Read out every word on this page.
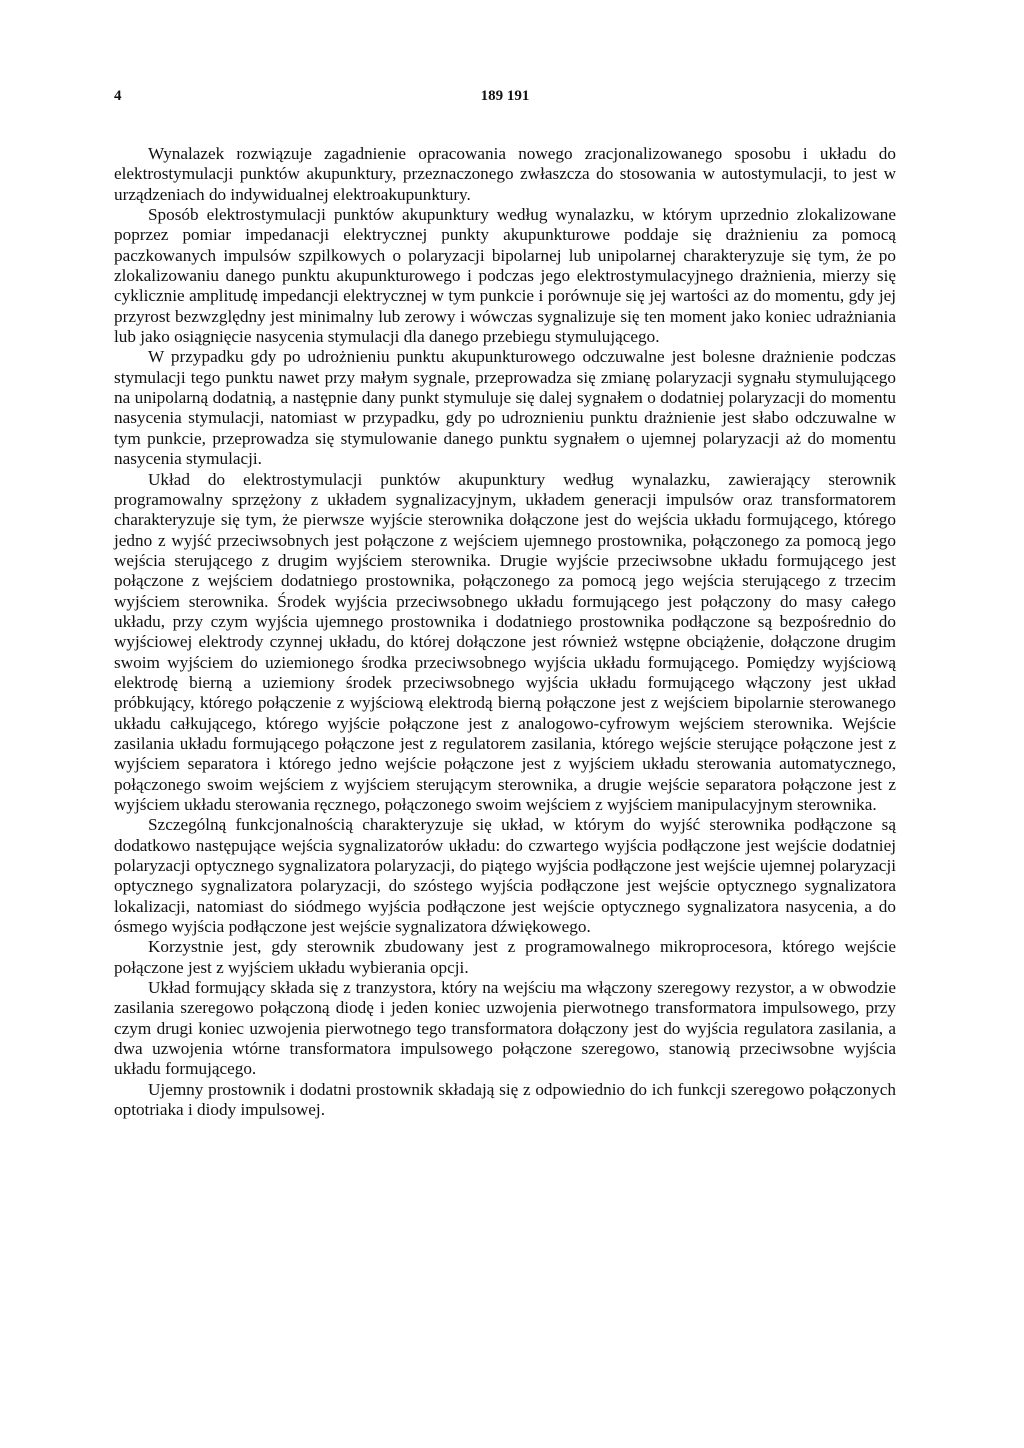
4	189 191

Wynalazek rozwiązuje zagadnienie opracowania nowego zracjonalizowanego sposobu i układu do elektrostymulacji punktów akupunktury, przeznaczonego zwłaszcza do stosowania w autostymulacji, to jest w urządzeniach do indywidualnej elektroakupunktury.

Sposób elektrostymulacji punktów akupunktury według wynalazku, w którym uprzednio zlokalizowane poprzez pomiar impedanacji elektrycznej punkty akupunkturowe poddaje się drażnieniu za pomocą paczkowanych impulsów szpilkowych o polaryzacji bipolarnej lub unipolarnej charakteryzuje się tym, że po zlokalizowaniu danego punktu akupunkturowego i podczas jego elektrostymulacyjnego drażnienia, mierzy się cyklicznie amplitudę impedancji elektrycznej w tym punkcie i porównuje się jej wartości az do momentu, gdy jej przyrost bezwzględny jest minimalny lub zerowy i wówczas sygnalizuje się ten moment jako koniec udrażniania lub jako osiągnięcie nasycenia stymulacji dla danego przebiegu stymulującego.

W przypadku gdy po udrożnieniu punktu akupunkturowego odczuwalne jest bolesne drażnienie podczas stymulacji tego punktu nawet przy małym sygnale, przeprowadza się zmianę polaryzacji sygnału stymulującego na unipolarną dodatnią, a następnie dany punkt stymuluje się dalej sygnałem o dodatniej polaryzacji do momentu nasycenia stymulacji, natomiast w przypadku, gdy po udroznieniu punktu drażnienie jest słabo odczuwalne w tym punkcie, przeprowadza się stymulowanie danego punktu sygnałem o ujemnej polaryzacji aż do momentu nasycenia stymulacji.

Układ do elektrostymulacji punktów akupunktury według wynalazku, zawierający sterownik programowalny sprzężony z układem sygnalizacyjnym, układem generacji impulsów oraz transformatorem charakteryzuje się tym, że pierwsze wyjście sterownika dołączone jest do wejścia układu formującego, którego jedno z wyjść przeciwsobnych jest połączone z wejściem ujemnego prostownika, połączonego za pomocą jego wejścia sterującego z drugim wyjściem sterownika. Drugie wyjście przeciwsobne układu formującego jest połączone z wejściem dodatniego prostownika, połączonego za pomocą jego wejścia sterującego z trzecim wyjściem sterownika. Środek wyjścia przeciwsobnego układu formującego jest połączony do masy całego układu, przy czym wyjścia ujemnego prostownika i dodatniego prostownika podłączone są bezpośrednio do wyjściowej elektrody czynnej układu, do której dołączone jest również wstępne obciążenie, dołączone drugim swoim wyjściem do uziemionego środka przeciwsobnego wyjścia układu formującego. Pomiędzy wyjściową elektrodę bierną a uziemiony środek przeciwsobnego wyjścia układu formującego włączony jest układ próbkujący, którego połączenie z wyjściową elektrodą bierną połączone jest z wejściem bipolarnie sterowanego układu całkującego, którego wyjście połączone jest z analogowo-cyfrowym wejściem sterownika. Wejście zasilania układu formującego połączone jest z regulatorem zasilania, którego wejście sterujące połączone jest z wyjściem separatora i którego jedno wejście połączone jest z wyjściem układu sterowania automatycznego, połączonego swoim wejściem z wyjściem sterującym sterownika, a drugie wejście separatora połączone jest z wyjściem układu sterowania ręcznego, połączonego swoim wejściem z wyjściem manipulacyjnym sterownika.

Szczególną funkcjonalnością charakteryzuje się układ, w którym do wyjść sterownika podłączone są dodatkowo następujące wejścia sygnalizatorów układu: do czwartego wyjścia podłączone jest wejście dodatniej polaryzacji optycznego sygnalizatora polaryzacji, do piątego wyjścia podłączone jest wejście ujemnej polaryzacji optycznego sygnalizatora polaryzacji, do szóstego wyjścia podłączone jest wejście optycznego sygnalizatora lokalizacji, natomiast do siódmego wyjścia podłączone jest wejście optycznego sygnalizatora nasycenia, a do ósmego wyjścia podłączone jest wejście sygnalizatora dźwiękowego.

Korzystnie jest, gdy sterownik zbudowany jest z programowalnego mikroprocesora, którego wejście połączone jest z wyjściem układu wybierania opcji.

Układ formujący składa się z tranzystora, który na wejściu ma włączony szeregowy rezystor, a w obwodzie zasilania szeregowo połączoną diodę i jeden koniec uzwojenia pierwotnego transformatora impulsowego, przy czym drugi koniec uzwojenia pierwotnego tego transformatora dołączony jest do wyjścia regulatora zasilania, a dwa uzwojenia wtórne transformatora impulsowego połączone szeregowo, stanowią przeciwsobne wyjścia układu formującego.

Ujemny prostownik i dodatni prostownik składają się z odpowiednio do ich funkcji szeregowo połączonych optotriaka i diody impulsowej.
